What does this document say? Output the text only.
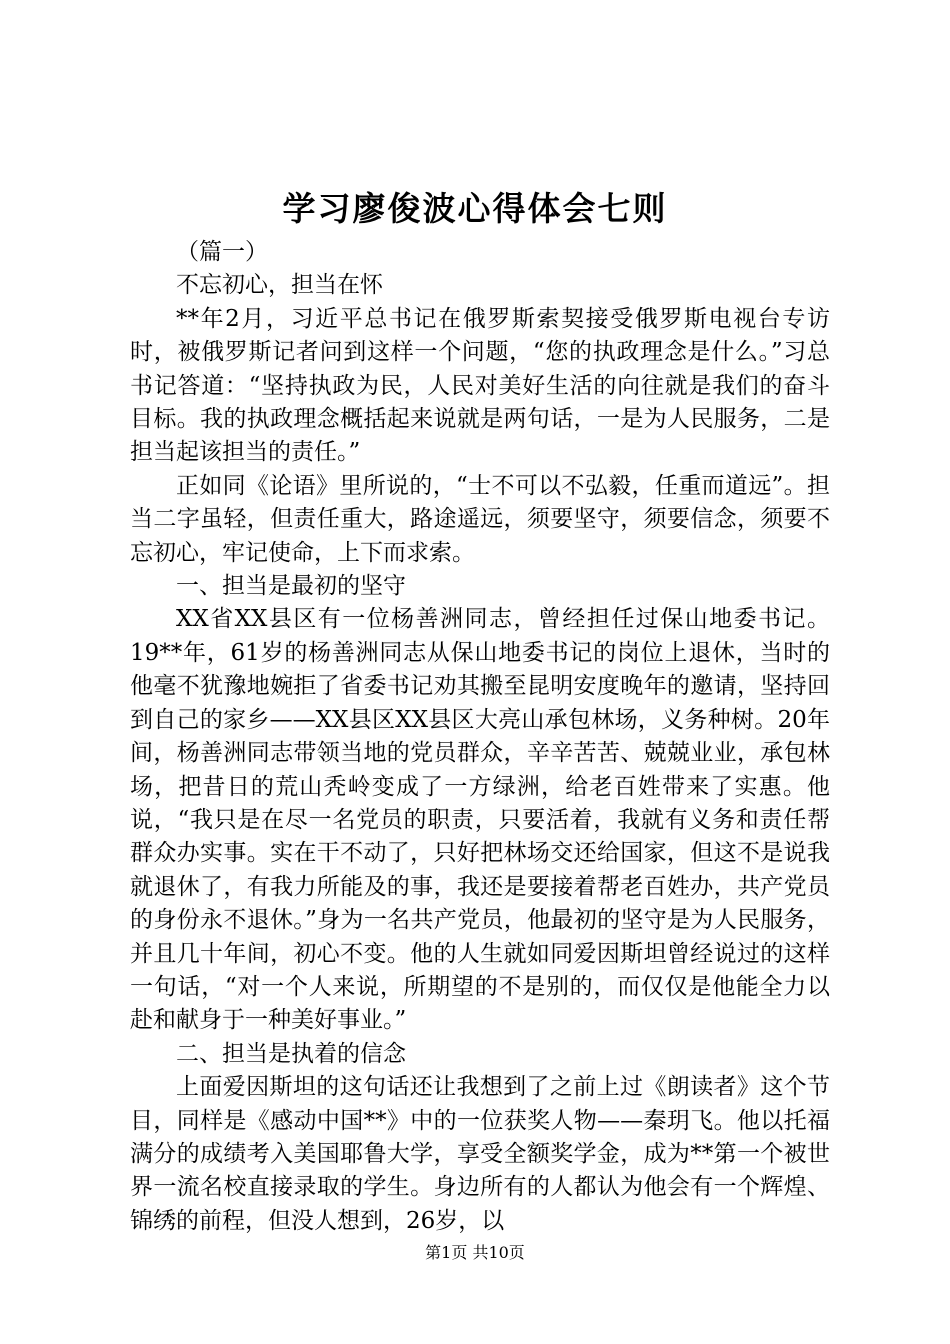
学习廖俊波心得体会七则

（篇一）

不忘初心，担当在怀

**年2月，习近平总书记在俄罗斯索契接受俄罗斯电视台专访时，被俄罗斯记者问到这样一个问题，“您的执政理念是什么。”习总书记答道：“坚持执政为民，人民对美好生活的向往就是我们的奋斗目标。我的执政理念概括起来说就是两句话，一是为人民服务，二是担当起该担当的责任。”

正如同《论语》里所说的，“士不可以不弘毅，任重而道远”。担当二字虽轻，但责任重大，路途遥远，须要坚守，须要信念，须要不忘初心，牢记使命，上下而求索。

一、担当是最初的坚守

XX省XX县区有一位杨善洲同志，曾经担任过保山地委书记。19**年，61岁的杨善洲同志从保山地委书记的岗位上退休，当时的他毫不犹豫地婉拒了省委书记劝其搬至昆明安度晚年的邀请，坚持回到自己的家乡——XX县区XX县区大亮山承包林场，义务种树。20年间，杨善洲同志带领当地的党员群众，辛辛苦苦、兢兢业业，承包林场，把昔日的荒山秃岭变成了一方绿洲，给老百姓带来了实惠。他说，“我只是在尽一名党员的职责，只要活着，我就有义务和责任帮群众办实事。实在干不动了，只好把林场交还给国家，但这不是说我就退休了，有我力所能及的事，我还是要接着帮老百姓办，共产党员的身份永不退休。”身为一名共产党员，他最初的坚守是为人民服务，并且几十年间，初心不变。他的人生就如同爱因斯坦曾经说过的这样一句话，“对一个人来说，所期望的不是别的，而仅仅是他能全力以赴和献身于一种美好事业。”

二、担当是执着的信念

上面爱因斯坦的这句话还让我想到了之前上过《朗读者》这个节目，同样是《感动中国**》中的一位获奖人物——秦玥飞。他以托福满分的成绩考入美国耶鲁大学，享受全额奖学金，成为**第一个被世界一流名校直接录取的学生。身边所有的人都认为他会有一个辉煌、锦绣的前程，但没人想到，26岁，以

第1页 共10页
